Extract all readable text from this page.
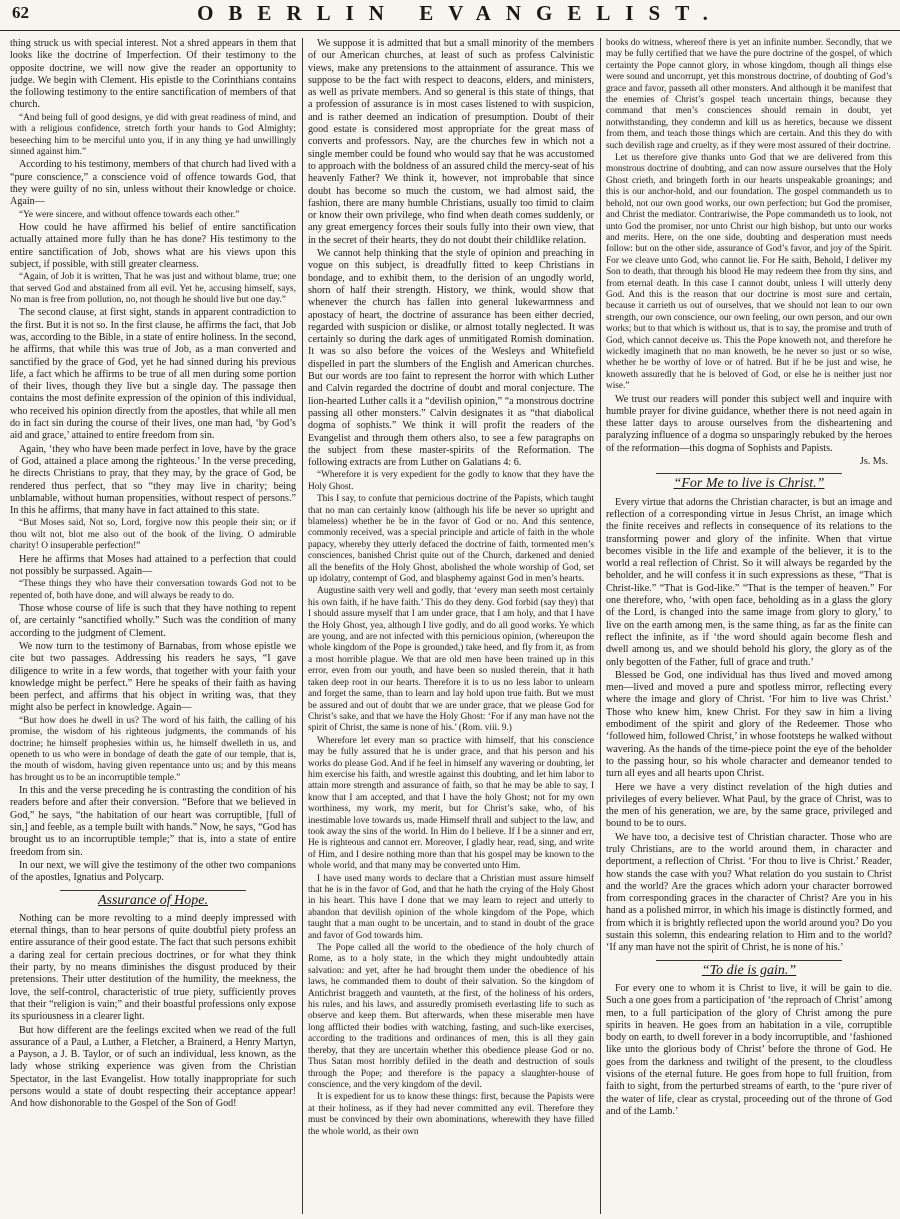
62	OBERLIN EVANGELIST.

thing struck us with special interest. Not a shred appears in them that looks like the doctrine of Imperfection. Of their testimony to the opposite doctrine, we will now give the reader an opportunity to judge. We begin with Clement. His epistle to the Corinthians contains the following testimony to the entire sanctification of members of that church.

“And being full of good designs, ye did with great readiness of mind, and with a religious confidence, stretch forth your hands to God Almighty; beseeching him to be merciful unto you, if in any thing ye had unwillingly sinned against him.”

According to his testimony, members of that church had lived with a “pure conscience,” a conscience void of offence towards God, that they were guilty of no sin, unless without their knowledge or choice. Again—

“Ye were sincere, and without offence towards each other.”

How could he have affirmed his belief of entire sanctification actually attained more fully than he has done? His testimony to the entire sanctification of Job, shows what are his views upon this subject, if possible, with still greater clearness.

“Again, of Job it is written, That he was just and without blame, true; one that served God and abstained from all evil. Yet he, accusing himself, says, No man is free from pollution, no, not though he should live but one day.”

The second clause, at first sight, stands in apparent contradiction to the first. But it is not so. In the first clause, he affirms the fact, that Job was, according to the Bible, in a state of entire holiness. In the second, he affirms, that while this was true of Job, as a man converted and sanctified by the grace of God, yet he had sinned during his previous life, a fact which he affirms to be true of all men during some portion of their lives, though they live but a single day. The passage then contains the most definite expression of the opinion of this individual, who received his opinion directly from the apostles, that while all men do in fact sin during the course of their lives, one man had, ‘by God’s aid and grace,’ attained to entire freedom from sin.

Again, ‘they who have been made perfect in love, have by the grace of God, attained a place among the righteous.’ In the verse preceding, he directs Christians to pray, that they may, by the grace of God, be rendered thus perfect, that so “they may live in charity; being unblamable, without human propensities, without respect of persons.” In this he affirms, that many have in fact attained to this state.

“But Moses said, Not so, Lord, forgive now this people their sin; or if thou wilt not, blot me also out of the book of the living. O admirable charity! O insuperable perfection!”

Here he affirms that Moses had attained to a perfection that could not possibly be surpassed. Again—

“These things they who have their conversation towards God not to be repented of, both have done, and will always be ready to do.

Those whose course of life is such that they have nothing to repent of, are certainly “sanctified wholly.” Such was the condition of many according to the judgment of Clement.

We now turn to the testimony of Barnabas, from whose epistle we cite but two passages. Addressing his readers he says, “I gave diligence to write in a few words, that together with your faith your knowledge might be perfect.” Here he speaks of their faith as having been perfect, and affirms that his object in writing was, that they might also be perfect in knowledge. Again—

“But how does he dwell in us? The word of his faith, the calling of his promise, the wisdom of his righteous judgments, the commands of his doctrine; he himself prophesies within us, he himself dwelleth in us, and openeth to us who were in bondage of death the gate of our temple, that is, the mouth of wisdom, having given repentance unto us; and by this means has brought us to be an incorruptible temple.”

In this and the verse preceding he is contrasting the condition of his readers before and after their conversion. “Before that we believed in God,” he says, “the habitation of our heart was corruptible, [full of sin,] and feeble, as a temple built with hands.” Now, he says, “God has brought us to an incorruptible temple;” that is, into a state of entire freedom from sin.

In our next, we will give the testimony of the other two companions of the apostles, Ignatius and Polycarp.

Assurance of Hope.

Nothing can be more revolting to a mind deeply impressed with eternal things, than to hear persons of quite doubtful piety profess an entire assurance of their good estate. The fact that such persons exhibit a daring zeal for certain precious doctrines, or for what they think their party, by no means diminishes the disgust produced by their pretensions. Their utter destitution of the humility, the meekness, the love, the self-control, characteristic of true piety, sufficiently proves that their “religion is vain;” and their boastful professions only expose its spuriousness in a clearer light.

But how different are the feelings excited when we read of the full assurance of a Paul, a Luther, a Fletcher, a Brainerd, a Henry Martyn, a Payson, a J. B. Taylor, or of such an individual, less known, as the lady whose striking experience was given from the Christian Spectator, in the last Evangelist. How totally inappropriate for such persons would a state of doubt respecting their acceptance appear! And how dishonorable to the Gospel of the Son of God!

We suppose it is admitted that but a small minority of the members of our American churches, at least of such as profess Calvinistic views, make any pretensions to the attainment of assurance. This we suppose to be the fact with respect to deacons, elders, and ministers, as well as private members. And so general is this state of things, that a profession of assurance is in most cases listened to with suspicion, and is rather deemed an indication of presumption. Doubt of their good estate is considered most appropriate for the great mass of converts and professors. Nay, are the churches few in which not a single member could be found who would say that he was accustomed to approach with the boldness of an assured child the mercy-seat of his heavenly Father? We think it, however, not improbable that since doubt has become so much the custom, we had almost said, the fashion, there are many humble Christians, usually too timid to claim or know their own privilege, who find when death comes suddenly, or any great emergency forces their souls fully into their own view, that in the secret of their hearts, they do not doubt their childlike relation.

We cannot help thinking that the style of opinion and preaching in vogue on this subject, is dreadfully fitted to keep Christians in bondage, and to exhibit them, to the derision of an ungodly world, shorn of half their strength. History, we think, would show that whenever the church has fallen into general lukewarmness and apostacy of heart, the doctrine of assurance has been either decried, regarded with suspicion or dislike, or almost totally neglected. It was certainly so during the dark ages of unmitigated Romish domination. It was so also before the voices of the Wesleys and Whitefield dispelled in part the slumbers of the English and American churches. But our words are too faint to represent the horror with which Luther and Calvin regarded the doctrine of doubt and moral conjecture. The lion-hearted Luther calls it a “devilish opinion,” “a monstrous doctrine passing all other monsters.” Calvin designates it as “that diabolical dogma of sophists.” We think it will profit the readers of the Evangelist and through them others also, to see a few paragraphs on the subject from these master-spirits of the Reformation. The following extracts are from Luther on Galatians 4: 6.

“Wherefore it is very expedient for the godly to know that they have the Holy Ghost.

This I say, to confute that pernicious doctrine of the Papists, which taught that no man can certainly know (although his life be never so upright and blameless) whether he be in the favor of God or no. And this sentence, commonly received, was a special principle and article of faith in the whole papacy, whereby they utterly defaced the doctrine of faith, tormented men’s consciences, banished Christ quite out of the Church, darkened and denied all the benefits of the Holy Ghost, abolished the whole worship of God, set up idolatry, contempt of God, and blasphemy against God in men’s hearts.

Augustine saith very well and godly, that ‘every man seeth most certainly his own faith, if he have faith.’ This do they deny. God forbid (say they) that I should assure myself that I am under grace, that I am holy, and that I have the Holy Ghost, yea, although I live godly, and do all good works. Ye which are young, and are not infected with this pernicious opinion, (whereupon the whole kingdom of the Pope is grounded,) take heed, and fly from it, as from a most horrible plague. We that are old men have been trained up in this error, even from our youth, and have been so nusled therein, that it hath taken deep root in our hearts. Therefore it is to us no less labor to unlearn and forget the same, than to learn and lay hold upon true faith. But we must be assured and out of doubt that we are under grace, that we please God for Christ’s sake, and that we have the Holy Ghost: ‘For if any man have not the spirit of Christ, the same is none of his.’ (Rom. viii. 9.)

Wherefore let every man so practice with himself, that his conscience may be fully assured that he is under grace, and that his person and his works do please God. And if he feel in himself any wavering or doubting, let him exercise his faith, and wrestle against this doubting, and let him labor to attain more strength and assurance of faith, so that he may be able to say, I know that I am accepted, and that I have the holy Ghost; not for my own worthiness, my work, my merit, but for Christ’s sake, who, of his inestimable love towards us, made Himself thrall and subject to the law, and took away the sins of the world. In Him do I believe. If I be a sinner and err, He is righteous and cannot err. Moreover, I gladly hear, read, sing, and write of Him, and I desire nothing more than that his gospel may be known to the whole world, and that many may be converted unto Him.

I have used many words to declare that a Christian must assure himself that he is in the favor of God, and that he hath the crying of the Holy Ghost in his heart. This have I done that we may learn to reject and utterly to abandon that devilish opinion of the whole kingdom of the Pope, which taught that a man ought to be uncertain, and to stand in doubt of the grace and favor of God towards him.

The Pope called all the world to the obedience of the holy church of Rome, as to a holy state, in the which they might undoubtedly attain salvation: and yet, after he had brought them under the obedience of his laws, he commanded them to doubt of their salvation. So the kingdom of Antichrist braggeth and vaunteth, at the first, of the holiness of his orders, his rules, and his laws, and assuredly promiseth everlasting life to such as observe and keep them. But afterwards, when these miserable men have long afflicted their bodies with watching, fasting, and such-like exercises, according to the traditions and ordinances of men, this is all they gain thereby, that they are uncertain whether this obedience please God or no. Thus Satan most horribly defiled in the death and destruction of souls through the Pope; and therefore is the papacy a slaughter-house of conscience, and the very kingdom of the devil.

It is expedient for us to know these things: first, because the Papists were at their holiness, as if they had never committed any evil. Therefore they must be convinced by their own abominations, wherewith they have filled the whole world, as their own

books do witness, whereof there is yet an infinite number. Secondly, that we may be fully certified that we have the pure doctrine of the gospel, of which certainty the Pope cannot glory, in whose kingdom, though all things else were sound and uncorrupt, yet this monstrous doctrine, of doubting of God’s grace and favor, passeth all other monsters. And although it be manifest that the enemies of Christ’s gospel teach uncertain things, because they command that men’s consciences should remain in doubt, yet notwithstanding, they condemn and kill us as heretics, because we dissent from them, and teach those things which are certain. And this they do with such devilish rage and cruelty, as if they were most assured of their doctrine.

Let us therefore give thanks unto God that we are delivered from this monstrous doctrine of doubting, and can now assure ourselves that the Holy Ghost crieth, and bringeth forth in our hearts unspeakable groanings; and this is our anchor-hold, and our foundation. The gospel commandeth us to behold, not our own good works, our own perfection; but God the promiser, and Christ the mediator. Contrariwise, the Pope commandeth us to look, not unto God the promiser, nor unto Christ our high bishop, but unto our works and merits. Here, on the one side, doubting and desperation must needs follow: but on the other side, assurance of God’s favor, and joy of the Spirit. For we cleave unto God, who cannot lie. For He saith, Behold, I deliver my Son to death, that through his blood He may redeem thee from thy sins, and from eternal death. In this case I cannot doubt, unless I will utterly deny God. And this is the reason that our doctrine is most sure and certain, because it carrieth us out of ourselves, that we should not lean to our own strength, our own conscience, our own feeling, our own person, and our own works; but to that which is without us, that is to say, the promise and truth of God, which cannot deceive us. This the Pope knoweth not, and therefore he wickedly imagineth that no man knoweth, be he never so just or so wise, whether he be worthy of love or of hatred. But if he be just and wise, he knoweth assuredly that he is beloved of God, or else he is neither just nor wise.”

We trust our readers will ponder this subject well and inquire with humble prayer for divine guidance, whether there is not need again in these latter days to arouse ourselves from the disheartening and paralyzing influence of a dogma so unsparingly rebuked by the heroes of the reformation—this dogma of Sophists and Papists.

Js. Ms.
“For Me to live is Christ.”

Every virtue that adorns the Christian character, is but an image and reflection of a corresponding virtue in Jesus Christ, an image which the finite receives and reflects in consequence of its relations to the transforming power and glory of the infinite. When that virtue becomes visible in the life and example of the believer, it is to the world a real reflection of Christ. So it will always be regarded by the beholder, and he will confess it in such expressions as these, “That is Christ-like.” “That is God-like.” “That is the temper of heaven.” For one therefore, who, ‘with open face, beholding as in a glass the glory of the Lord, is changed into the same image from glory to glory,’ to live on the earth among men, is the same thing, as far as the finite can reflect the infinite, as if ‘the word should again become flesh and dwell among us, and we should behold his glory, the glory as of the only begotten of the Father, full of grace and truth.’

Blessed be God, one individual has thus lived and moved among men—lived and moved a pure and spotless mirror, reflecting every where the image and glory of Christ. ‘For him to live was Christ.’ Those who knew him, knew Christ. For they saw in him a living embodiment of the spirit and glory of the Redeemer. Those who ‘followed him, followed Christ,’ in whose footsteps he walked without wavering. As the hands of the time-piece point the eye of the beholder to the passing hour, so his whole character and demeanor tended to turn all eyes and all hearts upon Christ.

Here we have a very distinct revelation of the high duties and privileges of every believer. What Paul, by the grace of Christ, was to the men of his generation, we are, by the same grace, privileged and bound to be to ours.

We have too, a decisive test of Christian character. Those who are truly Christians, are to the world around them, in character and deportment, a reflection of Christ. ‘For thou to live is Christ.’ Reader, how stands the case with you? What relation do you sustain to Christ and the world? Are the graces which adorn your character borrowed from corresponding graces in the character of Christ? Are you in his hand as a polished mirror, in which his image is distinctly formed, and from which it is brightly reflected upon the world around you? Do you sustain this solemn, this endearing relation to Him and to the world? ‘If any man have not the spirit of Christ, he is none of his.’

“To die is gain.”

For every one to whom it is Christ to live, it will be gain to die. Such a one goes from a participation of ‘the reproach of Christ’ among men, to a full participation of the glory of Christ among the pure spirits in heaven. He goes from an habitation in a vile, corruptible body on earth, to dwell forever in a body incorruptible, and ‘fashioned like unto the glorious body of Christ’ before the throne of God. He goes from the darkness and twilight of the present, to the cloudless visions of the eternal future. He goes from hope to full fruition, from faith to sight, from the perturbed streams of earth, to the ‘pure river of the water of life, clear as crystal, proceeding out of the throne of God and of the Lamb.’
